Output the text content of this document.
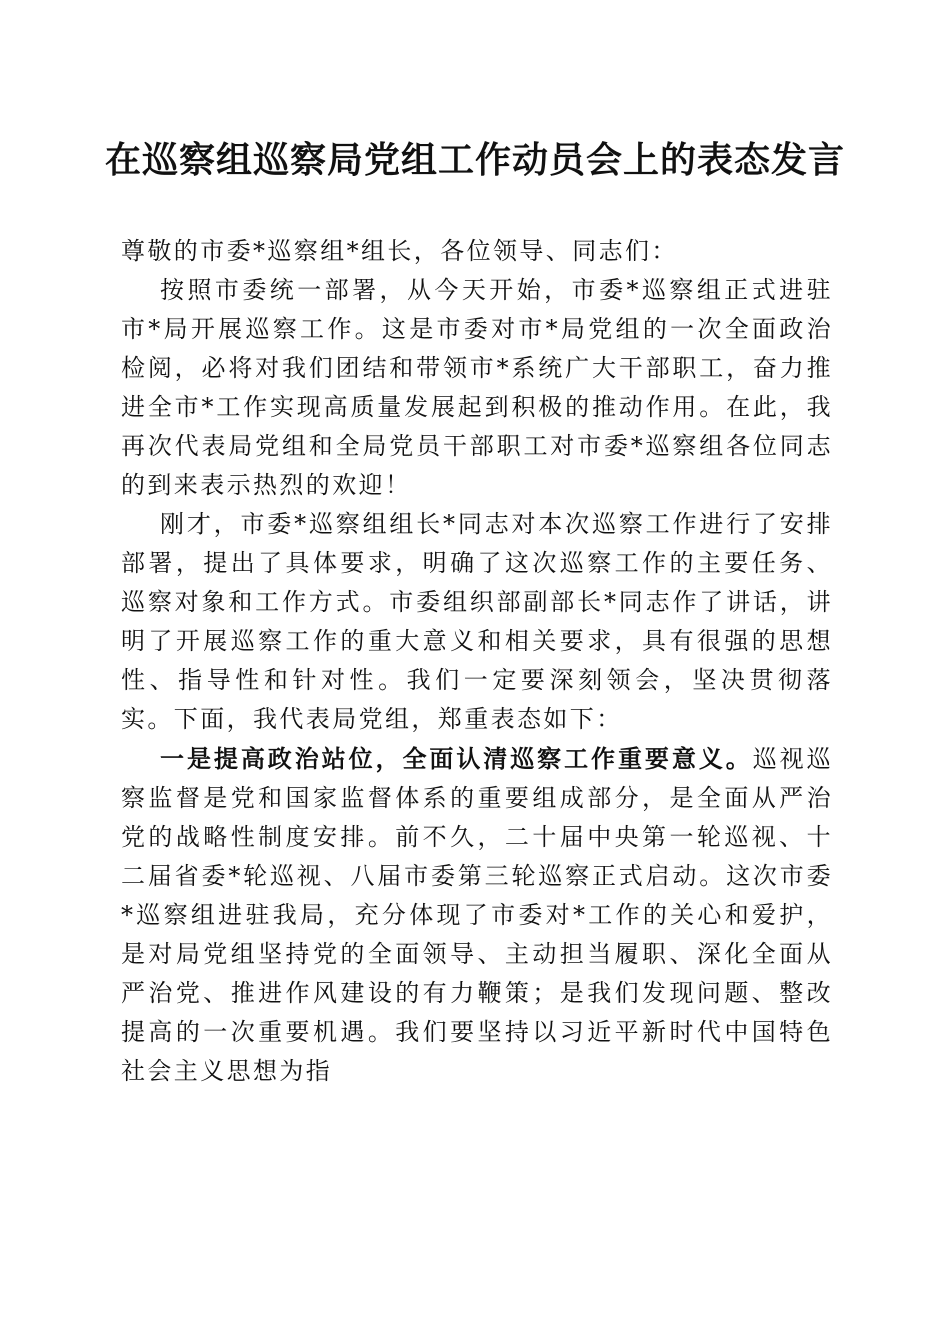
在巡察组巡察局党组工作动员会上的表态发言

尊敬的市委*巡察组*组长，各位领导、同志们：

按照市委统一部署，从今天开始，市委*巡察组正式进驻市*局开展巡察工作。这是市委对市*局党组的一次全面政治检阅，必将对我们团结和带领市*系统广大干部职工，奋力推进全市*工作实现高质量发展起到积极的推动作用。在此，我再次代表局党组和全局党员干部职工对市委*巡察组各位同志的到来表示热烈的欢迎！

刚才，市委*巡察组组长*同志对本次巡察工作进行了安排部署，提出了具体要求，明确了这次巡察工作的主要任务、巡察对象和工作方式。市委组织部副部长*同志作了讲话，讲明了开展巡察工作的重大意义和相关要求，具有很强的思想性、指导性和针对性。我们一定要深刻领会，坚决贯彻落实。下面，我代表局党组，郑重表态如下：

一是提高政治站位，全面认清巡察工作重要意义。巡视巡察监督是党和国家监督体系的重要组成部分，是全面从严治党的战略性制度安排。前不久，二十届中央第一轮巡视、十二届省委*轮巡视、八届市委第三轮巡察正式启动。这次市委*巡察组进驻我局，充分体现了市委对*工作的关心和爱护，是对局党组坚持党的全面领导、主动担当履职、深化全面从严治党、推进作风建设的有力鞭策；是我们发现问题、整改提高的一次重要机遇。我们要坚持以习近平新时代中国特色社会主义思想为指
